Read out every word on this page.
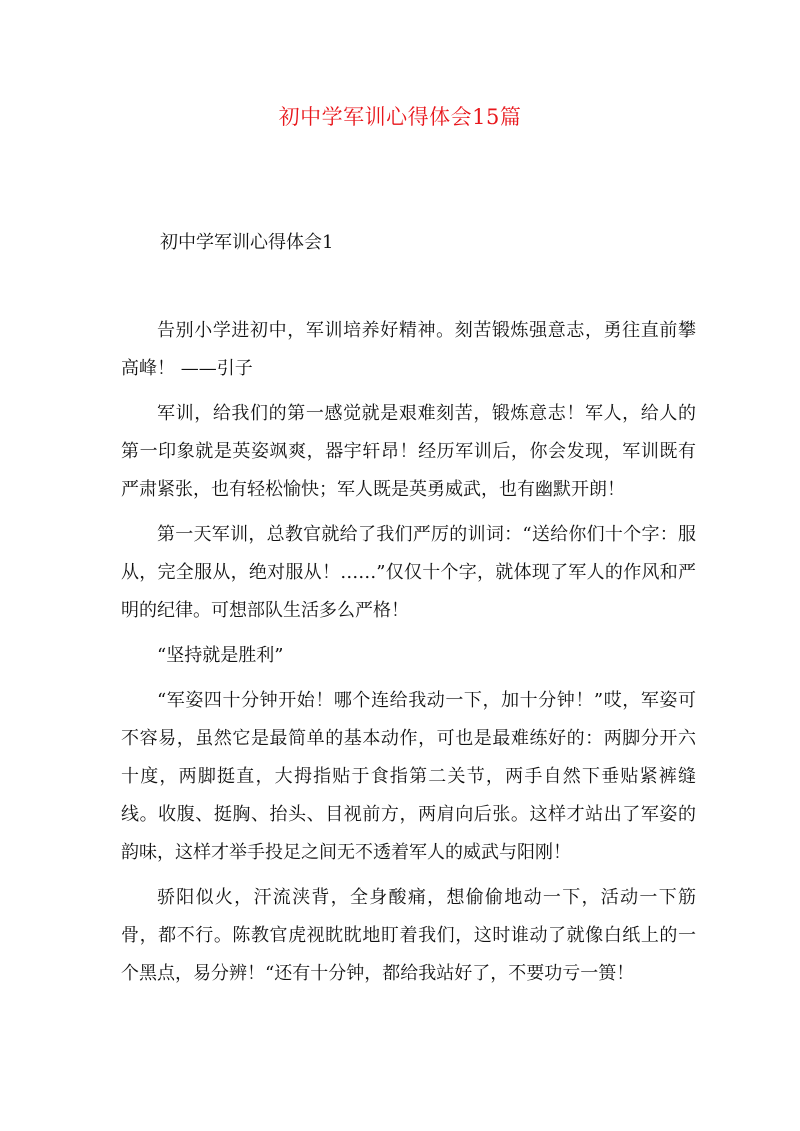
初中学军训心得体会15篇
初中学军训心得体会1

告别小学进初中，军训培养好精神。刻苦锻炼强意志，勇往直前攀高峰！ ——引子

军训，给我们的第一感觉就是艰难刻苦，锻炼意志！军人，给人的第一印象就是英姿飒爽，器宇轩昂！经历军训后，你会发现，军训既有严肃紧张，也有轻松愉快；军人既是英勇威武，也有幽默开朗！

第一天军训，总教官就给了我们严厉的训词：“送给你们十个字：服从，完全服从，绝对服从！……”仅仅十个字，就体现了军人的作风和严明的纪律。可想部队生活多么严格！

“坚持就是胜利”

“军姿四十分钟开始！哪个连给我动一下，加十分钟！”哎，军姿可不容易，虽然它是最简单的基本动作，可也是最难练好的：两脚分开六十度，两脚挺直，大拇指贴于食指第二关节，两手自然下垂贴紧裤缝线。收腹、挺胸、抬头、目视前方，两肩向后张。这样才站出了军姿的韵味，这样才举手投足之间无不透着军人的威武与阳刚！

骄阳似火，汗流浃背，全身酸痛，想偷偷地动一下，活动一下筋骨，都不行。陈教官虎视眈眈地盯着我们，这时谁动了就像白纸上的一个黑点，易分辨！“还有十分钟，都给我站好了，不要功亏一篑！
